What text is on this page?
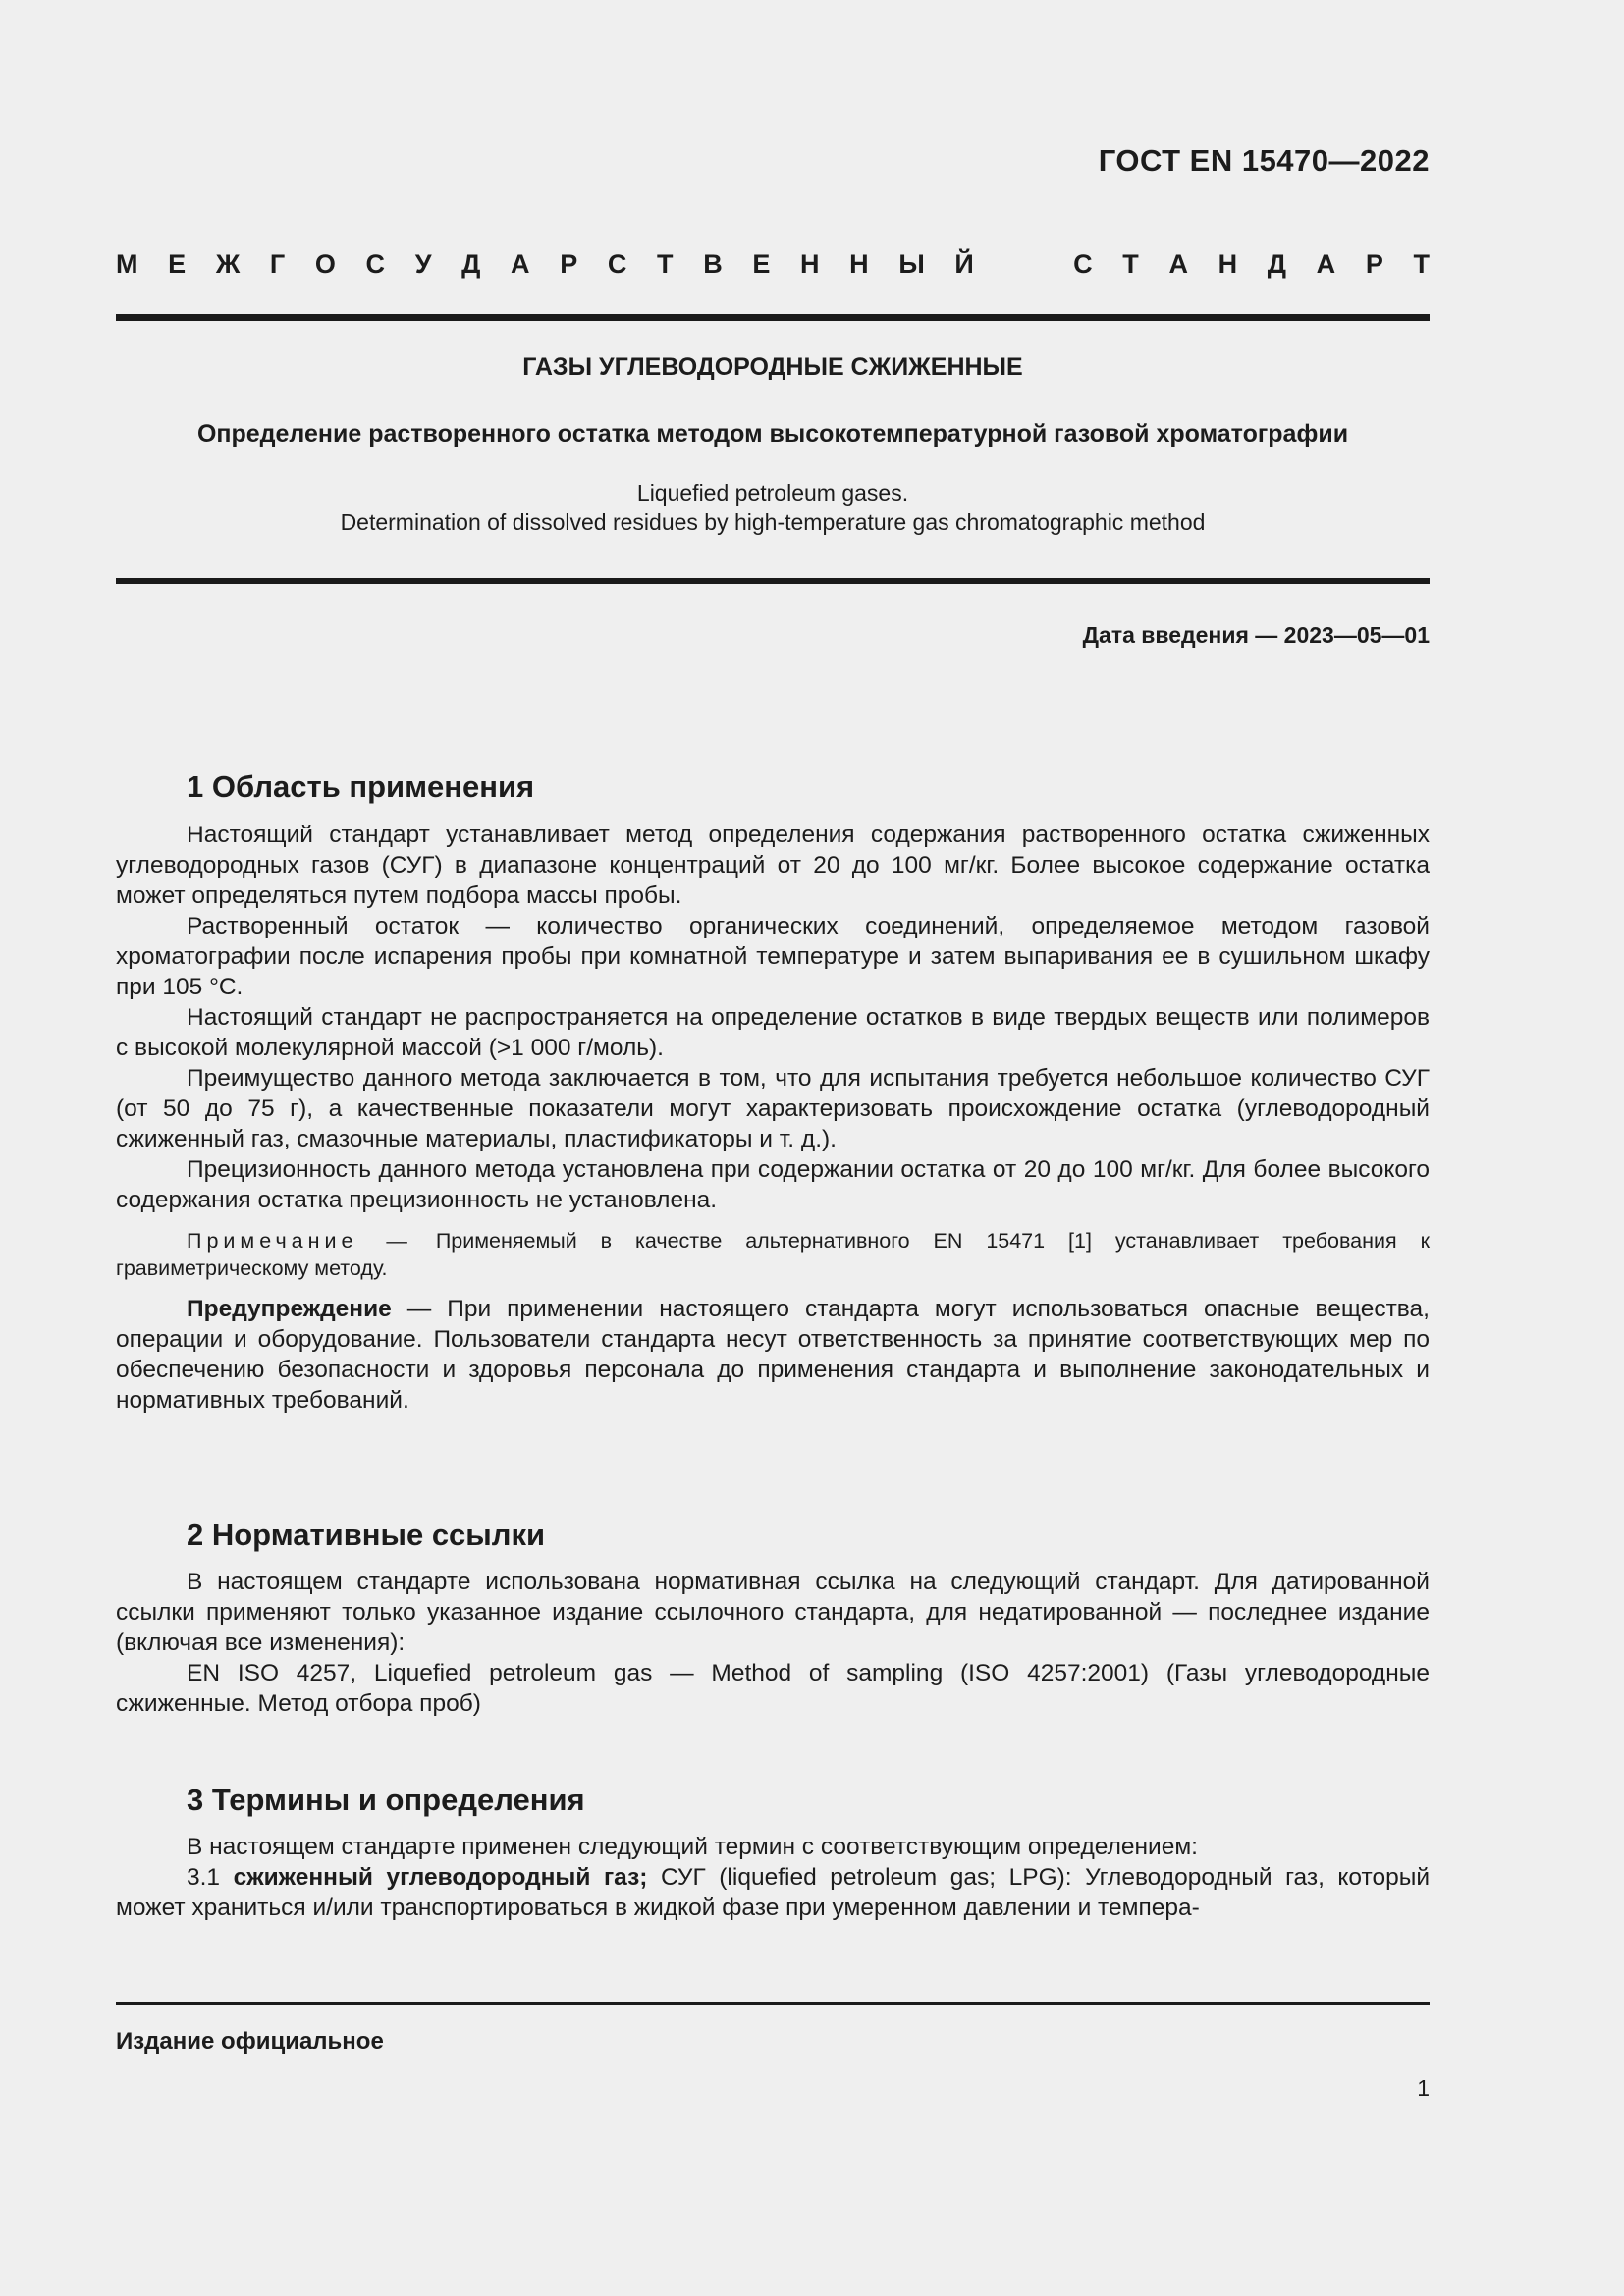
ГОСТ EN 15470—2022
М Е Ж Г О С У Д А Р С Т В Е Н Н Ы Й	С Т А Н Д А Р Т
ГАЗЫ УГЛЕВОДОРОДНЫЕ СЖИЖЕННЫЕ
Определение растворенного остатка методом высокотемпературной газовой хроматографии
Liquefied petroleum gases.
Determination of dissolved residues by high-temperature gas chromatographic method
Дата введения — 2023—05—01
1 Область применения

Настоящий стандарт устанавливает метод определения содержания растворенного остатка сжиженных углеводородных газов (СУГ) в диапазоне концентраций от 20 до 100 мг/кг. Более высокое содержание остатка может определяться путем подбора массы пробы.

Растворенный остаток — количество органических соединений, определяемое методом газовой хроматографии после испарения пробы при комнатной температуре и затем выпаривания ее в сушильном шкафу при 105 °С.

Настоящий стандарт не распространяется на определение остатков в виде твердых веществ или полимеров с высокой молекулярной массой (>1 000 г/моль).

Преимущество данного метода заключается в том, что для испытания требуется небольшое количество СУГ (от 50 до 75 г), а качественные показатели могут характеризовать происхождение остатка (углеводородный сжиженный газ, смазочные материалы, пластификаторы и т. д.).

Прецизионность данного метода установлена при содержании остатка от 20 до 100 мг/кг. Для более высокого содержания остатка прецизионность не установлена.

Примечание — Применяемый в качестве альтернативного EN 15471 [1] устанавливает требования к гравиметрическому методу.

Предупреждение — При применении настоящего стандарта могут использоваться опасные вещества, операции и оборудование. Пользователи стандарта несут ответственность за принятие соответствующих мер по обеспечению безопасности и здоровья персонала до применения стандарта и выполнение законодательных и нормативных требований.

2 Нормативные ссылки

В настоящем стандарте использована нормативная ссылка на следующий стандарт. Для датированной ссылки применяют только указанное издание ссылочного стандарта, для недатированной — последнее издание (включая все изменения):

EN ISO 4257, Liquefied petroleum gas — Method of sampling (ISO 4257:2001) (Газы углеводородные сжиженные. Метод отбора проб)

3 Термины и определения

В настоящем стандарте применен следующий термин с соответствующим определением:

3.1 сжиженный углеводородный газ; СУГ (liquefied petroleum gas; LPG): Углеводородный газ, который может храниться и/или транспортироваться в жидкой фазе при умеренном давлении и темпера-

Издание официальное
1
